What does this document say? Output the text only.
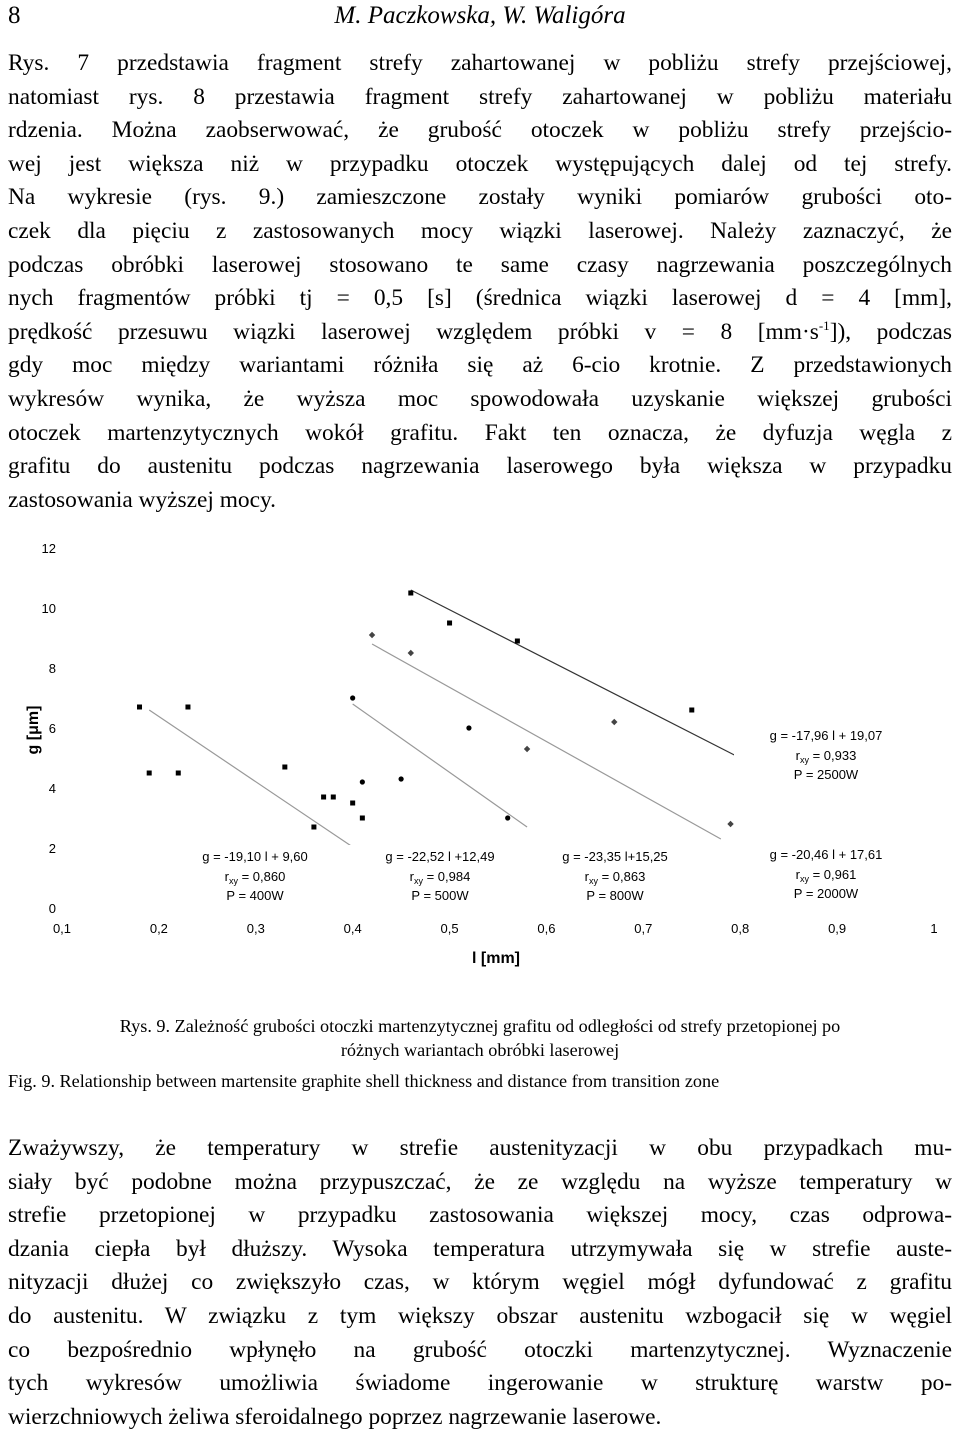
8	M. Paczkowska, W. Waligóra
Rys. 7 przedstawia fragment strefy zahartowanej w pobliżu strefy przejściowej,
natomiast rys. 8 przestawia fragment strefy zahartowanej w pobliżu materiału
rdzenia. Można zaobserwować, że grubość otoczek w pobliżu strefy przejścio-
wej jest większa niż w przypadku otoczek występujących dalej od tej strefy.
Na wykresie (rys. 9.) zamieszczone zostały wyniki pomiarów grubości oto-
czek dla pięciu z zastosowanych mocy wiązki laserowej. Należy zaznaczyć, że
podczas obróbki laserowej stosowano te same czasy nagrzewania poszczególnych
nych fragmentów próbki tj = 0,5 [s] (średnica wiązki laserowej d = 4 [mm],
prędkość przesuwu wiązki laserowej względem próbki v = 8 $[mm\cdot s^{-1}]$), podczas
gdy moc między wariantami różniła się aż 6-cio krotnie. Z przedstawionych
wykresów wynika, że wyższa moc spowodowała uzyskanie większej grubości
otoczek martenzytycznych wokół grafitu. Fakt ten oznacza, że dyfuzja węgla z
grafitu do austenitu podczas nagrzewania laserowego była większa w przypadku
zastosowania wyższej mocy.
0
2
4
6
8
10
12
0,1	0,2	0,3	0,4	0,5	0,6	0,7	0,8	0,9	1
l [mm]
g [μm]
g = -19,10 l + 9,60
$r_{xy} = 0,860$
P = 400W
g = -22,52 l +12,49
$r_{xy} = 0,984$
P = 500W
g = -23,35 l+15,25
$r_{xy} = 0,863$
P = 800W
g = -17,96 l + 19,07
$r_{xy} = 0,933$
P = 2500W
g = -20,46 l + 17,61
$r_{xy} = 0,961$
P = 2000W
Rys. 9. Zależność grubości otoczki martenzytycznej grafitu od odległości od strefy przetopionej po
różnych wariantach obróbki laserowej
Fig. 9. Relationship between martensite graphite shell thickness and distance from transition zone
Zważywszy, że temperatury w strefie austenityzacji w obu przypadkach mu-
siały być podobne można przypuszczać, że ze względu na wyższe temperatury w
strefie przetopionej w przypadku zastosowania większej mocy, czas odprowa-
dzania ciepła był dłuższy. Wysoka temperatura utrzymywała się w strefie auste-
nityzacji dłużej co zwiększyło czas, w którym węgiel mógł dyfundować z grafitu
do austenitu. W związku z tym większy obszar austenitu wzbogacił się w węgiel
co bezpośrednio wpłynęło na grubość otoczki martenzytycznej. Wyznaczenie
tych wykresów umożliwia świadome ingerowanie w strukturę warstw po-
wierzchniowych żeliwa sferoidalnego poprzez nagrzewanie laserowe.
